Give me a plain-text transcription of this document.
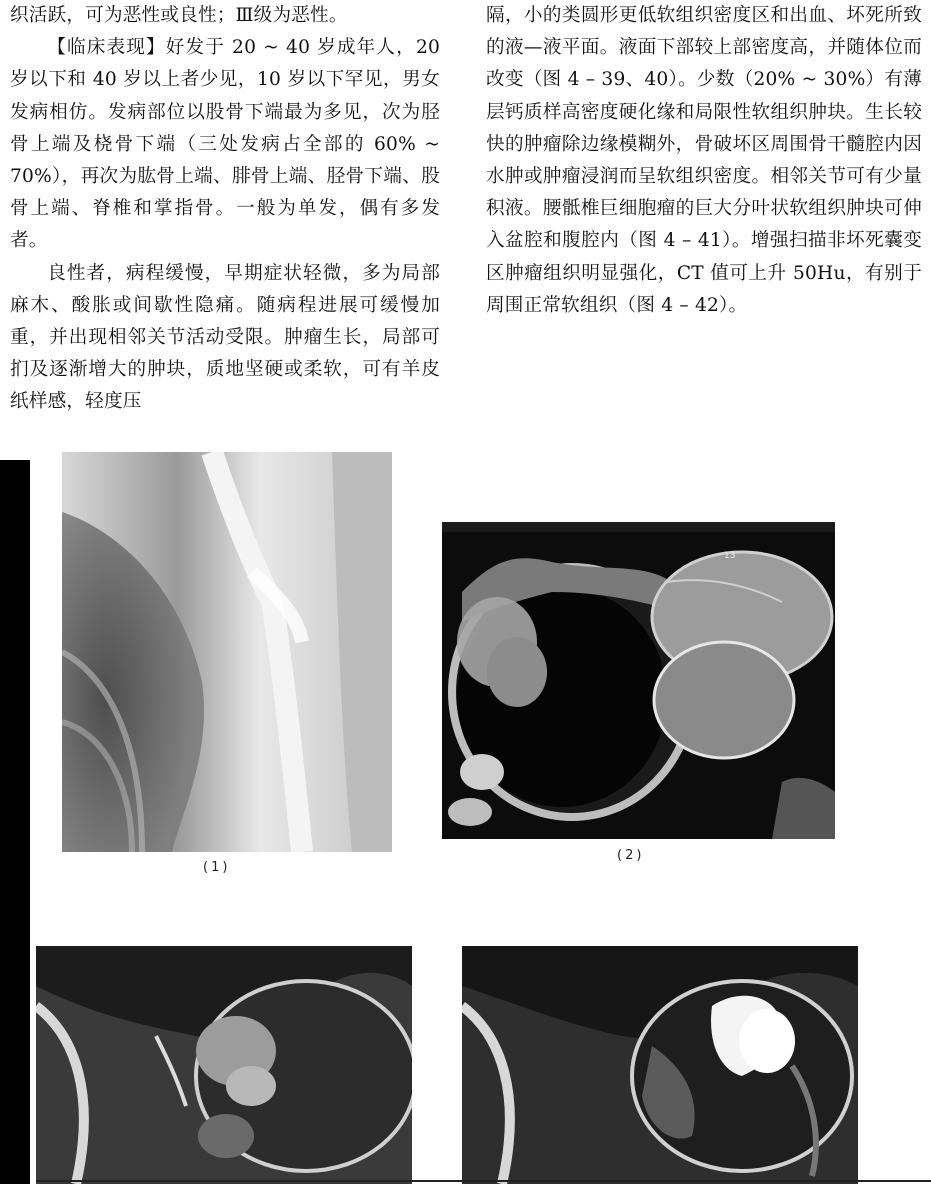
织活跃，可为恶性或良性；Ⅲ级为恶性。

【临床表现】好发于 20 ~ 40 岁成年人，20 岁以下和 40 岁以上者少见，10 岁以下罕见，男女发病相仿。发病部位以股骨下端最为多见，次为胫骨上端及桡骨下端（三处发病占全部的 60% ~ 70%），再次为肱骨上端、腓骨上端、胫骨下端、股骨上端、脊椎和掌指骨。一般为单发，偶有多发者。

良性者，病程缓慢，早期症状轻微，多为局部麻木、酸胀或间歇性隐痛。随病程进展可缓慢加重，并出现相邻关节活动受限。肿瘤生长，局部可扪及逐渐增大的肿块，质地坚硬或柔软，可有羊皮纸样感，轻度压

隔，小的类圆形更低软组织密度区和出血、坏死所致的液—液平面。液面下部较上部密度高，并随体位而改变（图 4 – 39、40）。少数（20% ~ 30%）有薄层钙质样高密度硬化缘和局限性软组织肿块。生长较快的肿瘤除边缘模糊外，骨破坏区周围骨干髓腔内因水肿或肿瘤浸润而呈软组织密度。相邻关节可有少量积液。腰骶椎巨细胞瘤的巨大分叶状软组织肿块可伸入盆腔和腹腔内（图 4 – 41）。增强扫描非坏死囊变区肿瘤组织明显强化，CT 值可上升 50Hu，有别于周围正常软组织（图 4 – 42）。

(1)
13
(2)
